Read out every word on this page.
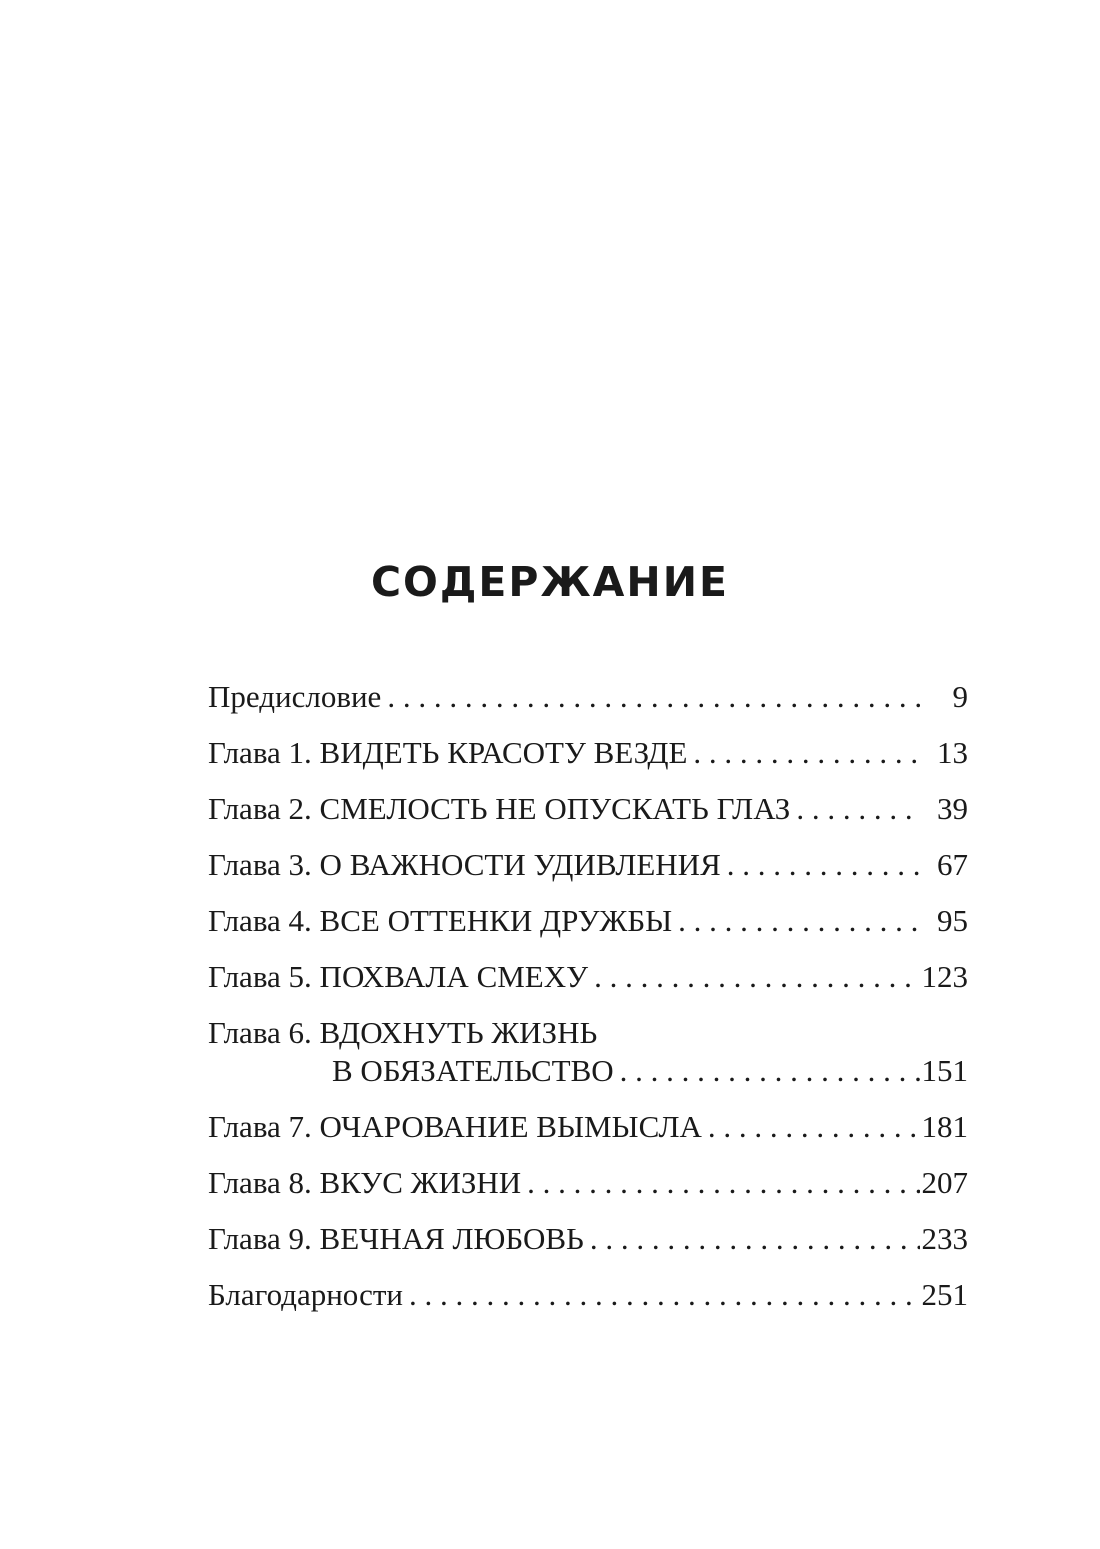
СОДЕРЖАНИЕ
Предисловие . . .	9
Глава 1. ВИДЕТЬ КРАСОТУ ВЕЗДЕ . . .	13
Глава 2. СМЕЛОСТЬ НЕ ОПУСКАТЬ ГЛАЗ . . .	39
Глава 3. О ВАЖНОСТИ УДИВЛЕНИЯ . . .	67
Глава 4. ВСЕ ОТТЕНКИ ДРУЖБЫ . . .	95
Глава 5. ПОХВАЛА СМЕХУ . . .	123
Глава 6. ВДОХНУТЬ ЖИЗНЬ
В ОБЯЗАТЕЛЬСТВО . . .	151
Глава 7. ОЧАРОВАНИЕ ВЫМЫСЛА . . .	181
Глава 8. ВКУС ЖИЗНИ . . .	207
Глава 9. ВЕЧНАЯ ЛЮБОВЬ . . .	233
Благодарности . . .	251
